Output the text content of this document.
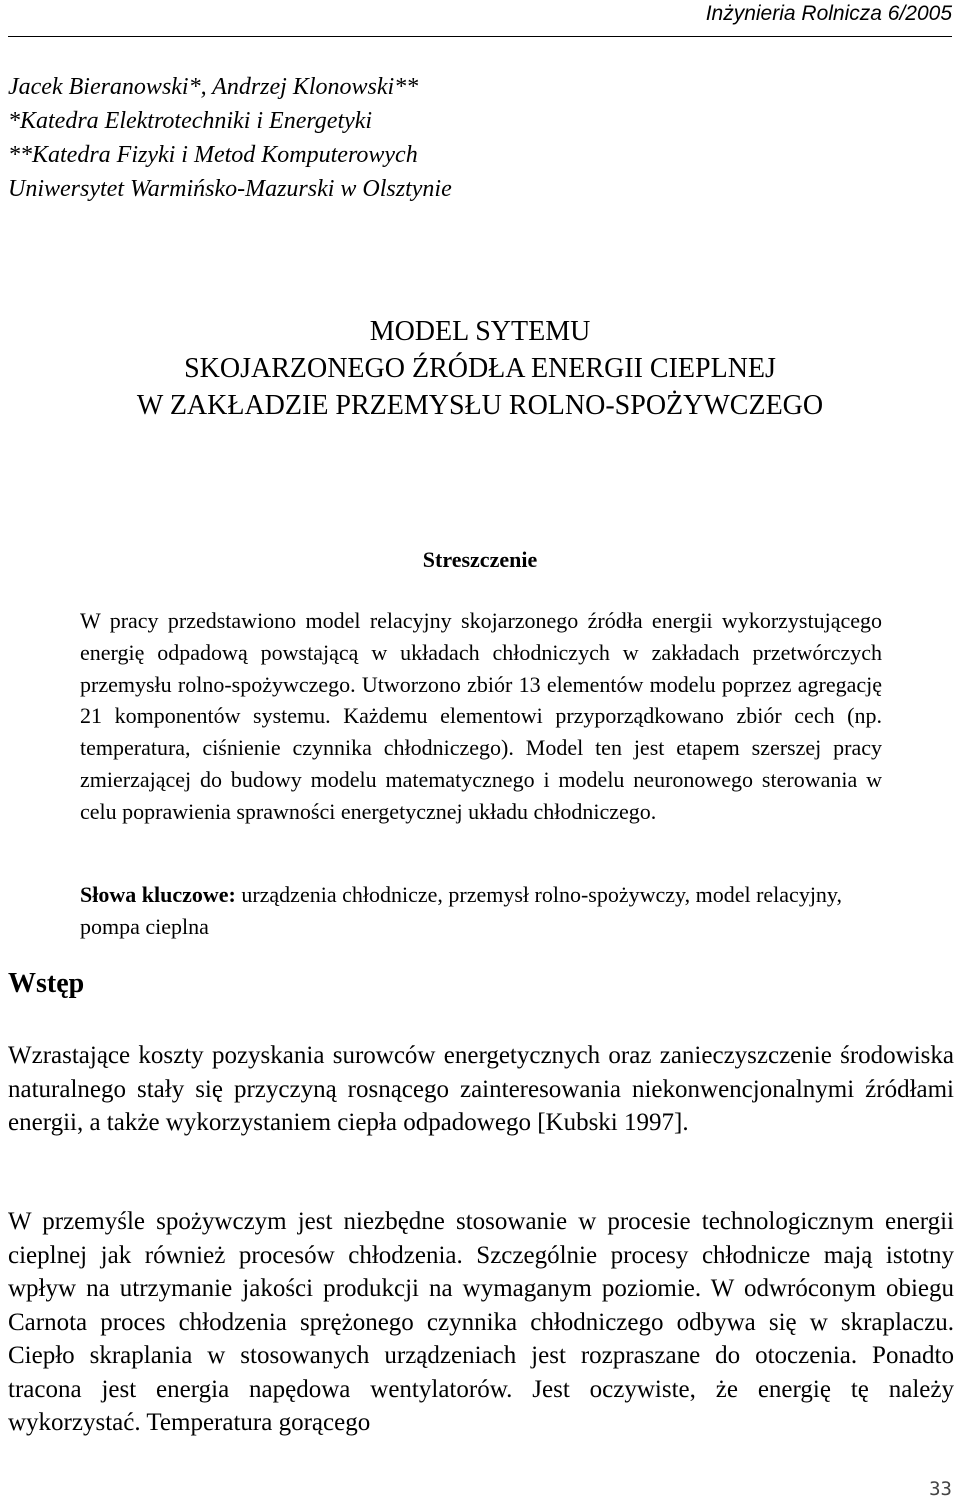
Inżynieria Rolnicza 6/2005
Jacek Bieranowski*, Andrzej Klonowski**
*Katedra Elektrotechniki i Energetyki
**Katedra Fizyki i Metod Komputerowych
Uniwersytet Warmińsko-Mazurski w Olsztynie
MODEL SYTEMU
SKOJARZONEGO ŹRÓDŁA ENERGII CIEPLNEJ
W ZAKŁADZIE PRZEMYSŁU ROLNO-SPOŻYWCZEGO
Streszczenie

W pracy przedstawiono model relacyjny skojarzonego źródła energii wykorzystującego energię odpadową powstającą w układach chłodniczych w zakładach przetwórczych przemysłu rolno-spożywczego. Utworzono zbiór 13 elementów modelu poprzez agregację 21 komponentów systemu. Każdemu elementowi przyporządkowano zbiór cech (np. temperatura, ciśnienie czynnika chłodniczego). Model ten jest etapem szerszej pracy zmierzającej do budowy modelu matematycznego i modelu neuronowego sterowania w celu poprawienia sprawności energetycznej układu chłodniczego.

Słowa kluczowe: urządzenia chłodnicze, przemysł rolno-spożywczy, model relacyjny, pompa cieplna

Wstęp

Wzrastające koszty pozyskania surowców energetycznych oraz zanieczyszczenie środowiska naturalnego stały się przyczyną rosnącego zainteresowania niekonwencjonalnymi źródłami energii, a także wykorzystaniem ciepła odpadowego [Kubski 1997].

W przemyśle spożywczym jest niezbędne stosowanie w procesie technologicznym energii cieplnej jak również procesów chłodzenia. Szczególnie procesy chłodnicze mają istotny wpływ na utrzymanie jakości produkcji na wymaganym poziomie. W odwróconym obiegu Carnota proces chłodzenia sprężonego czynnika chłodniczego odbywa się w skraplaczu. Ciepło skraplania w stosowanych urządzeniach jest rozpraszane do otoczenia. Ponadto tracona jest energia napędowa wentylatorów. Jest oczywiste, że energię tę należy wykorzystać. Temperatura gorącego

33
